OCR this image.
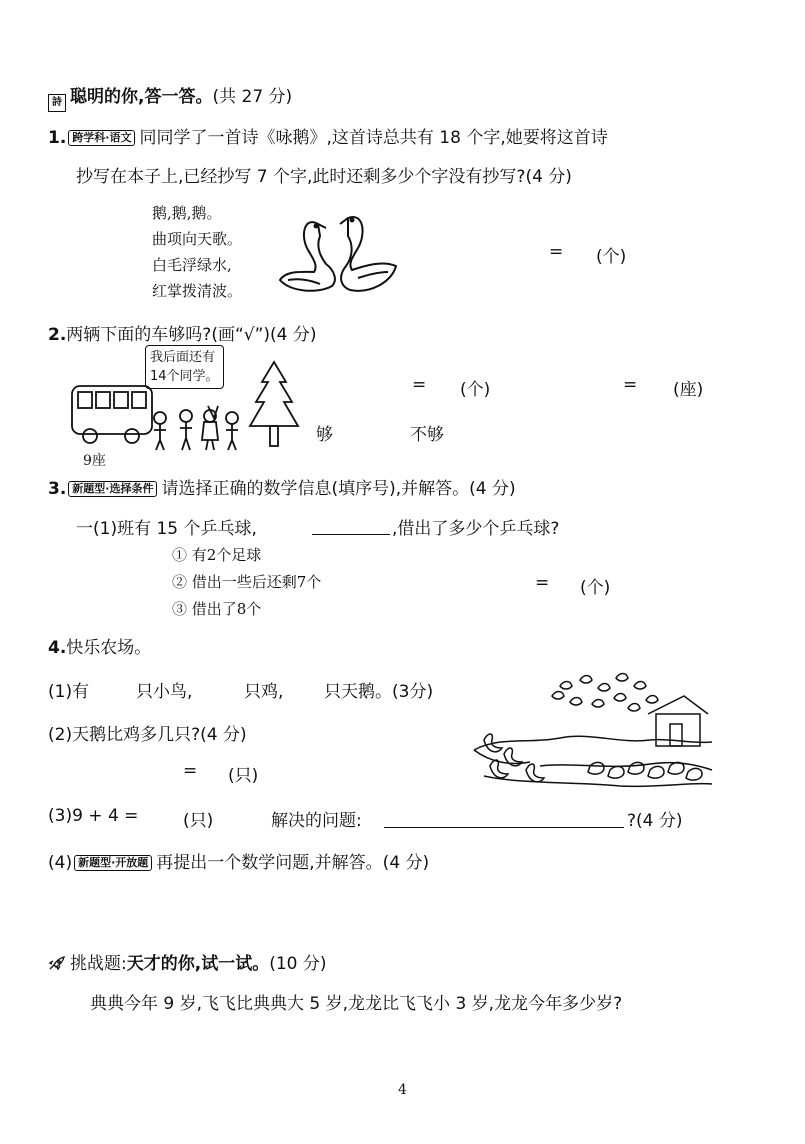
詩 聪明的你,答一答。(共 27 分)
1. 跨学科·语文 同同学了一首诗《咏鹅》,这首诗总共有 18 个字,她要将这首诗
抄写在本子上,已经抄写 7 个字,此时还剩多少个字没有抄写?(4 分)
鹅,鹅,鹅。
曲项向天歌。
白毛浮绿水,
红掌拨清波。
= (个)
2.两辆下面的车够吗?(画“√”)(4 分)
我后面还有
14个同学。
9座
= (个)	= (座)
够	不够
3. 新题型·选择条件 请选择正确的数学信息(填序号),并解答。(4 分)
一(1)班有 15 个乒乓球,	,借出了多少个乒乓球?
① 有2个足球
② 借出一些后还剩7个
③ 借出了8个
= (个)
4.快乐农场。
(1)有	只小鸟,	只鸡, 只天鹅。(3分)
(2)天鹅比鸡多几只?(4 分)
= (只)
(3)9 + 4 =	(只)	解决的问题:	?(4 分)
(4) 新题型·开放题 再提出一个数学问题,并解答。(4 分)
挑战题:天才的你,试一试。(10 分)
典典今年 9 岁,飞飞比典典大 5 岁,龙龙比飞飞小 3 岁,龙龙今年多少岁?
4
